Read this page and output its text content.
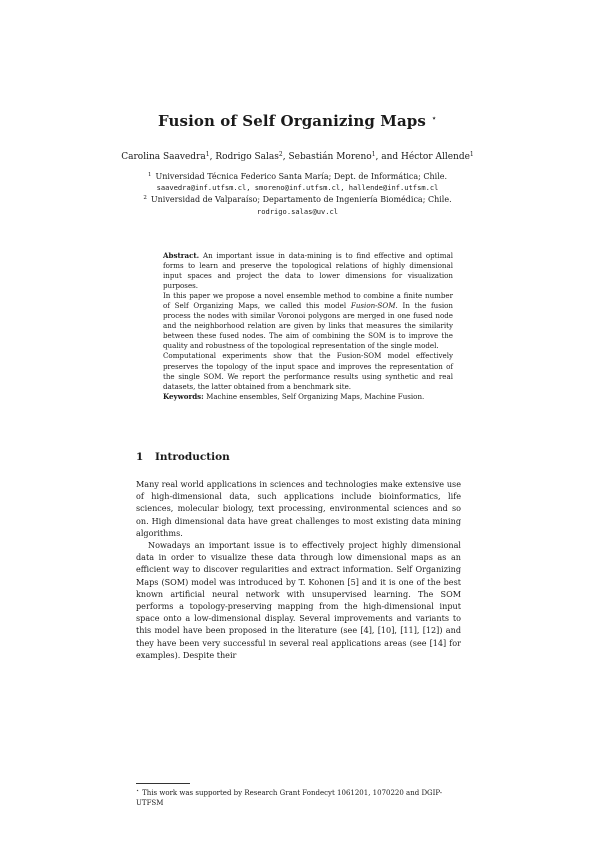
Fusion of Self Organizing Maps ⋆
Carolina Saavedra$^1$, Rodrigo Salas$^2$, Sebastián Moreno$^1$, and Héctor Allende$^1$
$^1$ Universidad Técnica Federico Santa María; Dept. de Informática; Chile.
saavedra@inf.utfsm.cl, smoreno@inf.utfsm.cl, hallende@inf.utfsm.cl
$^2$ Universidad de Valparaíso; Departamento de Ingeniería Biomédica; Chile.
rodrigo.salas@uv.cl

Abstract. An important issue in data-mining is to find effective and optimal forms to learn and preserve the topological relations of highly dimensional input spaces and project the data to lower dimensions for visualization purposes.

In this paper we propose a novel ensemble method to combine a finite number of Self Organizing Maps, we called this model Fusion-SOM. In the fusion process the nodes with similar Voronoi polygons are merged in one fused node and the neighborhood relation are given by links that measures the similarity between these fused nodes. The aim of combining the SOM is to improve the quality and robustness of the topological representation of the single model.

Computational experiments show that the Fusion-SOM model effectively preserves the topology of the input space and improves the representation of the single SOM. We report the performance results using synthetic and real datasets, the latter obtained from a benchmark site.

Keywords: Machine ensembles, Self Organizing Maps, Machine Fusion.

1 Introduction

Many real world applications in sciences and technologies make extensive use of high-dimensional data, such applications include bioinformatics, life sciences, molecular biology, text processing, environmental sciences and so on. High dimensional data have great challenges to most existing data mining algorithms.

Nowadays an important issue is to effectively project highly dimensional data in order to visualize these data through low dimensional maps as an efficient way to discover regularities and extract information. Self Organizing Maps (SOM) model was introduced by T. Kohonen [5] and it is one of the best known artificial neural network with unsupervised learning. The SOM performs a topology-preserving mapping from the high-dimensional input space onto a low-dimensional display. Several improvements and variants to this model have been proposed in the literature (see [4], [10], [11], [12]) and they have been very successful in several real applications areas (see [14] for examples). Despite their

⋆ This work was supported by Research Grant Fondecyt 1061201, 1070220 and DGIP-UTFSM
